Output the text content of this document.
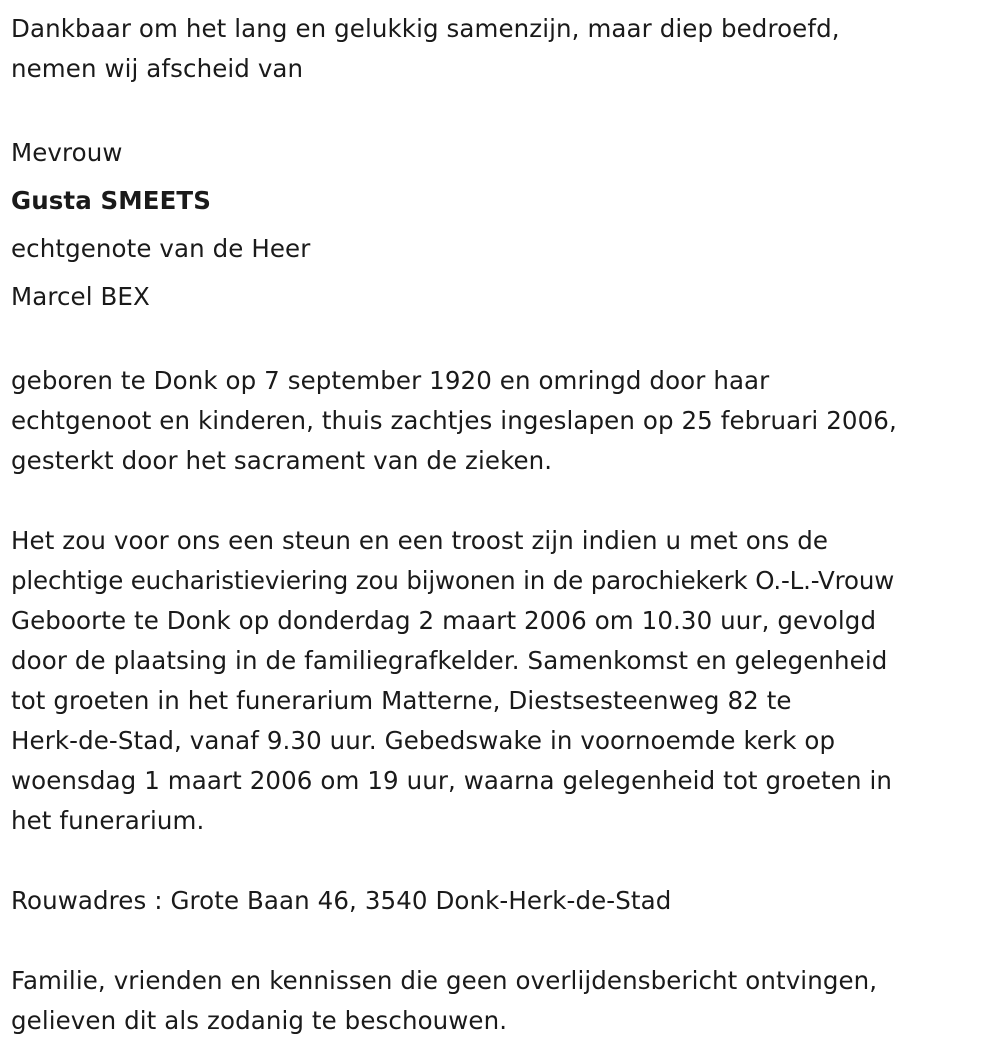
Dankbaar om het lang en gelukkig samenzijn, maar diep bedroefd,
nemen wij afscheid van
Mevrouw
Gusta SMEETS
echtgenote van de Heer
Marcel BEX
geboren te Donk op 7 september 1920 en omringd door haar
echtgenoot en kinderen, thuis zachtjes ingeslapen op 25 februari 2006,
gesterkt door het sacrament van de zieken.
Het zou voor ons een steun en een troost zijn indien u met ons de
plechtige eucharistieviering zou bijwonen in de parochiekerk O.-L.-Vrouw
Geboorte te Donk op donderdag 2 maart 2006 om 10.30 uur, gevolgd
door de plaatsing in de familiegrafkelder. Samenkomst en gelegenheid
tot groeten in het funerarium Matterne, Diestsesteenweg 82 te
Herk-de-Stad, vanaf 9.30 uur. Gebedswake in voornoemde kerk op
woensdag 1 maart 2006 om 19 uur, waarna gelegenheid tot groeten in
het funerarium.
Rouwadres : Grote Baan 46, 3540 Donk-Herk-de-Stad
Familie, vrienden en kennissen die geen overlijdensbericht ontvingen,
gelieven dit als zodanig te beschouwen.
